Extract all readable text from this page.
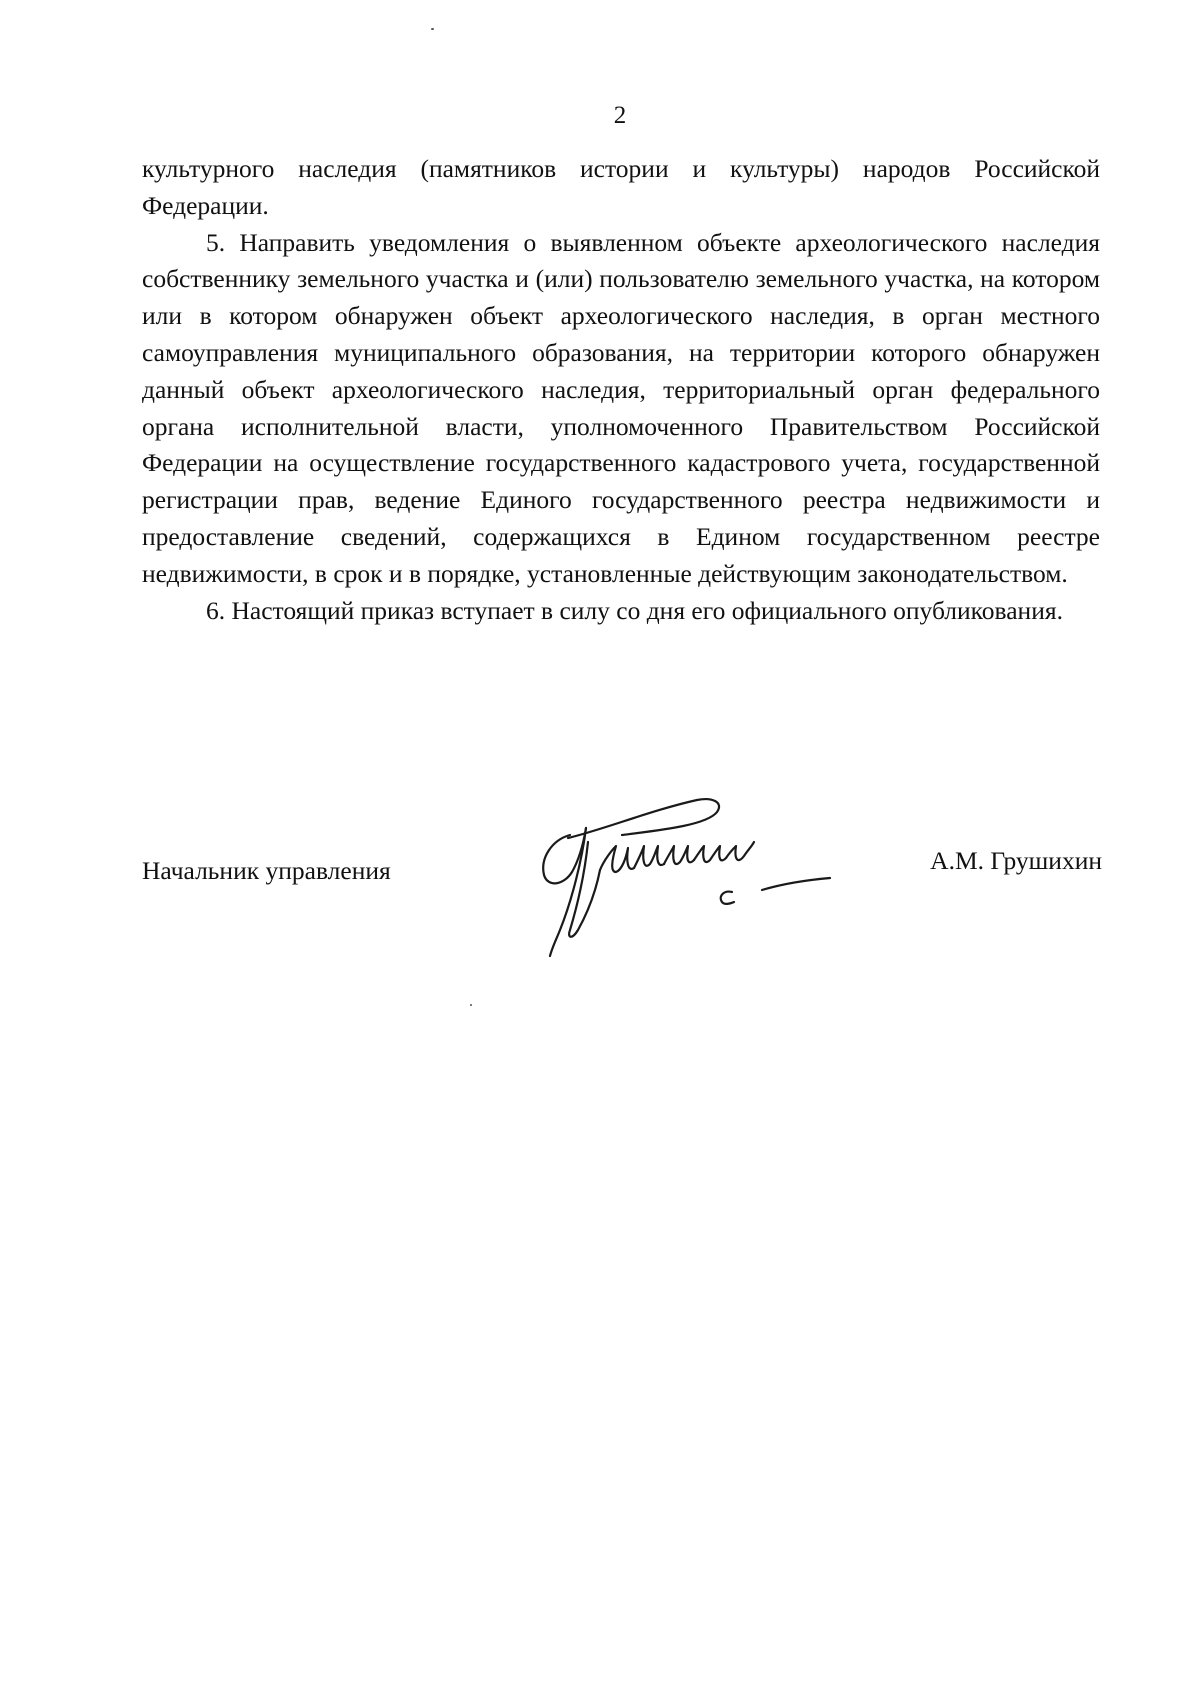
2

культурного наследия (памятников истории и культуры) народов Российской Федерации.

5. Направить уведомления о выявленном объекте археологического наследия собственнику земельного участка и (или) пользователю земельного участка, на котором или в котором обнаружен объект археологического наследия, в орган местного самоуправления муниципального образования, на территории которого обнаружен данный объект археологического наследия, территориальный орган федерального органа исполнительной власти, уполномоченного Правительством Российской Федерации на осуществление государственного кадастрового учета, государственной регистрации прав, ведение Единого государственного реестра недвижимости и предоставление сведений, содержащихся в Едином государственном реестре недвижимости, в срок и в порядке, установленные действующим законодательством.

6. Настоящий приказ вступает в силу со дня его официального опубликования.

Начальник управления	А.М. Грушихин
